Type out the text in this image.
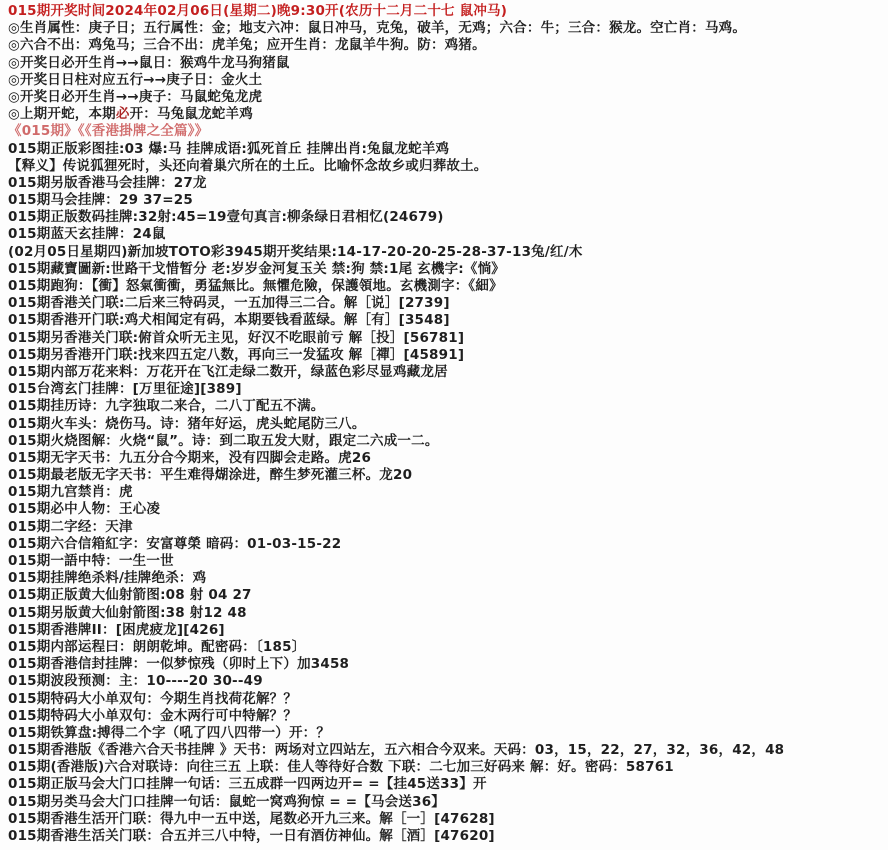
015期开奖时间2024年02月06日(星期二)晚9:30开(农历十二月二十七 鼠冲马)
◎生肖属性：庚子日；五行属性：金；地支六冲：鼠日冲马，克兔，破羊，无鸡；六合：牛；三合：猴龙。空亡肖：马鸡。
◎六合不出：鸡兔马；三合不出：虎羊兔；应开生肖：龙鼠羊牛狗。防：鸡猪。
◎开奖日必开生肖→→鼠日：猴鸡牛龙马狗猪鼠
◎开奖日日柱对应五行→→庚子日：金火土
◎开奖日必开生肖→→庚子：马鼠蛇兔龙虎
◎上期开蛇，本期必开：马兔鼠龙蛇羊鸡
《015期》《《香港掛牌之全篇》》
015期正版彩图挂:03 爆:马 挂牌成语:狐死首丘 挂牌出肖:兔鼠龙蛇羊鸡
【释义】传说狐狸死时，头还向着巢穴所在的土丘。比喻怀念故乡或归葬故土。
015期另版香港马会挂牌：27龙
015期马会挂牌：29 37=25
015期正版数码挂牌:32射:45=19壹句真言:柳条绿日君相忆(24679)
015期蓝天玄挂牌：24鼠
(02月05日星期四)新加坡TOTO彩3945期开奖结果:14-17-20-20-25-28-37-13兔/红/木
015期藏寶圖新:世路干戈惜暂分 老:岁岁金河复玉关 禁:狗 禁:1尾 玄機字:《惝》
015期跑狗：【衝】怒氣衝衝，勇猛無比。無懼危險，保護領地。玄機測字：《細》
015期香港关门联:二后来三特码灵，一五加得三二合。解［说］[2739]
015期香港开门联:鸡犬相闻定有码，本期要钱看蓝绿。解［有］[3548]
015期另香港关门联:俯首众听无主见，好汉不吃眼前亏 解［投］[56781]
015期另香港开门联:找来四五定八数，再向三一发猛攻 解［禪］[45891]
015期内部万花来料：万花开在飞江走绿二数开，绿蓝色彩尽显鸡藏龙居
015台湾玄门挂牌：[万里征途][389]
015期挂历诗：九字独取二来合，二八丁配五不满。
015期火车头：烧伤马。诗：猪年好运，虎头蛇尾防三八。
015期火烧图解：火烧“鼠”。诗：到二取五发大财，跟定二六成一二。
015期无字天书：九五分合今期来，没有四脚会走路。虎26
015期最老版无字天书：平生难得煳涂进，醉生梦死灌三杯。龙20
015期九宫禁肖：虎
015期必中人物：王心凌
015期二字经：天津
015期六合信箱紅字：安富尊榮 暗码：01-03-15-22
015期一語中特：一生一世
015期挂牌绝杀料/挂牌绝杀：鸡
015期正版黄大仙射箭图:08 射 04 27
015期另版黄大仙射箭图:38 射12 48
015期香港牌II：[困虎疲龙][426]
015期内部运程曰：朗朗乾坤。配密码：〔185〕
015期香港信封挂牌：一似梦惊残（卯时上下）加3458
015期波段预测：主：10----20 30--49
015期特码大小单双句：今期生肖找荷花解？？
015期特码大小单双句：金木两行可中特解？？
015期铁算盘:搏得二个字（吼了四八四带一）开：？
015期香港版《香港六合天书挂牌 》天书：两场对立四站左，五六相合今双来。天码：03，15，22，27，32，36，42，48
015期(香港版)六合对联诗：向往三五 上联：佳人等待好合数 下联：二七加三好码来 解：好。密码：58761
015期正版马会大门口挂牌一句话：三五成群一四两边开= =【挂45送33】开
015期另类马会大门口挂牌一句话：鼠蛇一窝鸡狗惊 = =【马会送36】
015期香港生活开门联：得九中一五中送，尾数必开九三来。解［一］[47628]
015期香港生活关门联：合五并三八中特，一日有酒仿神仙。解［酒］[47620]
